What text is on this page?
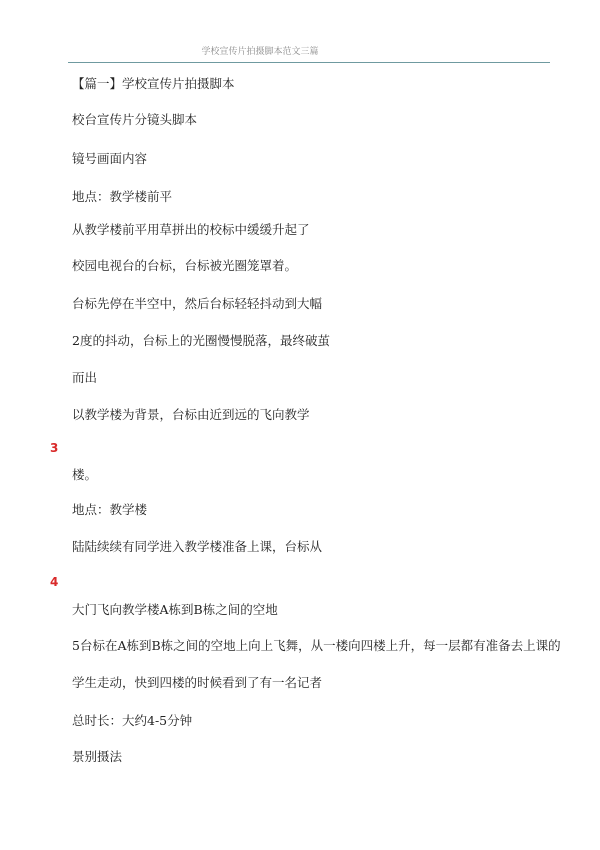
学校宣传片拍摄脚本范文三篇
【篇一】学校宣传片拍摄脚本
校台宣传片分镜头脚本
镜号画面内容
地点：教学楼前平
从教学楼前平用草拼出的校标中缓缓升起了
校园电视台的台标，台标被光圈笼罩着。
台标先停在半空中，然后台标轻轻抖动到大幅
2度的抖动，台标上的光圈慢慢脱落，最终破茧
而出
以教学楼为背景，台标由近到远的飞向教学
3
楼。
地点：教学楼
陆陆续续有同学进入教学楼准备上课，台标从
4
大门飞向教学楼A栋到B栋之间的空地
5台标在A栋到B栋之间的空地上向上飞舞，从一楼向四楼上升，每一层都有准备去上课的
学生走动，快到四楼的时候看到了有一名记者
总时长：大约4-5分钟
景别摄法
